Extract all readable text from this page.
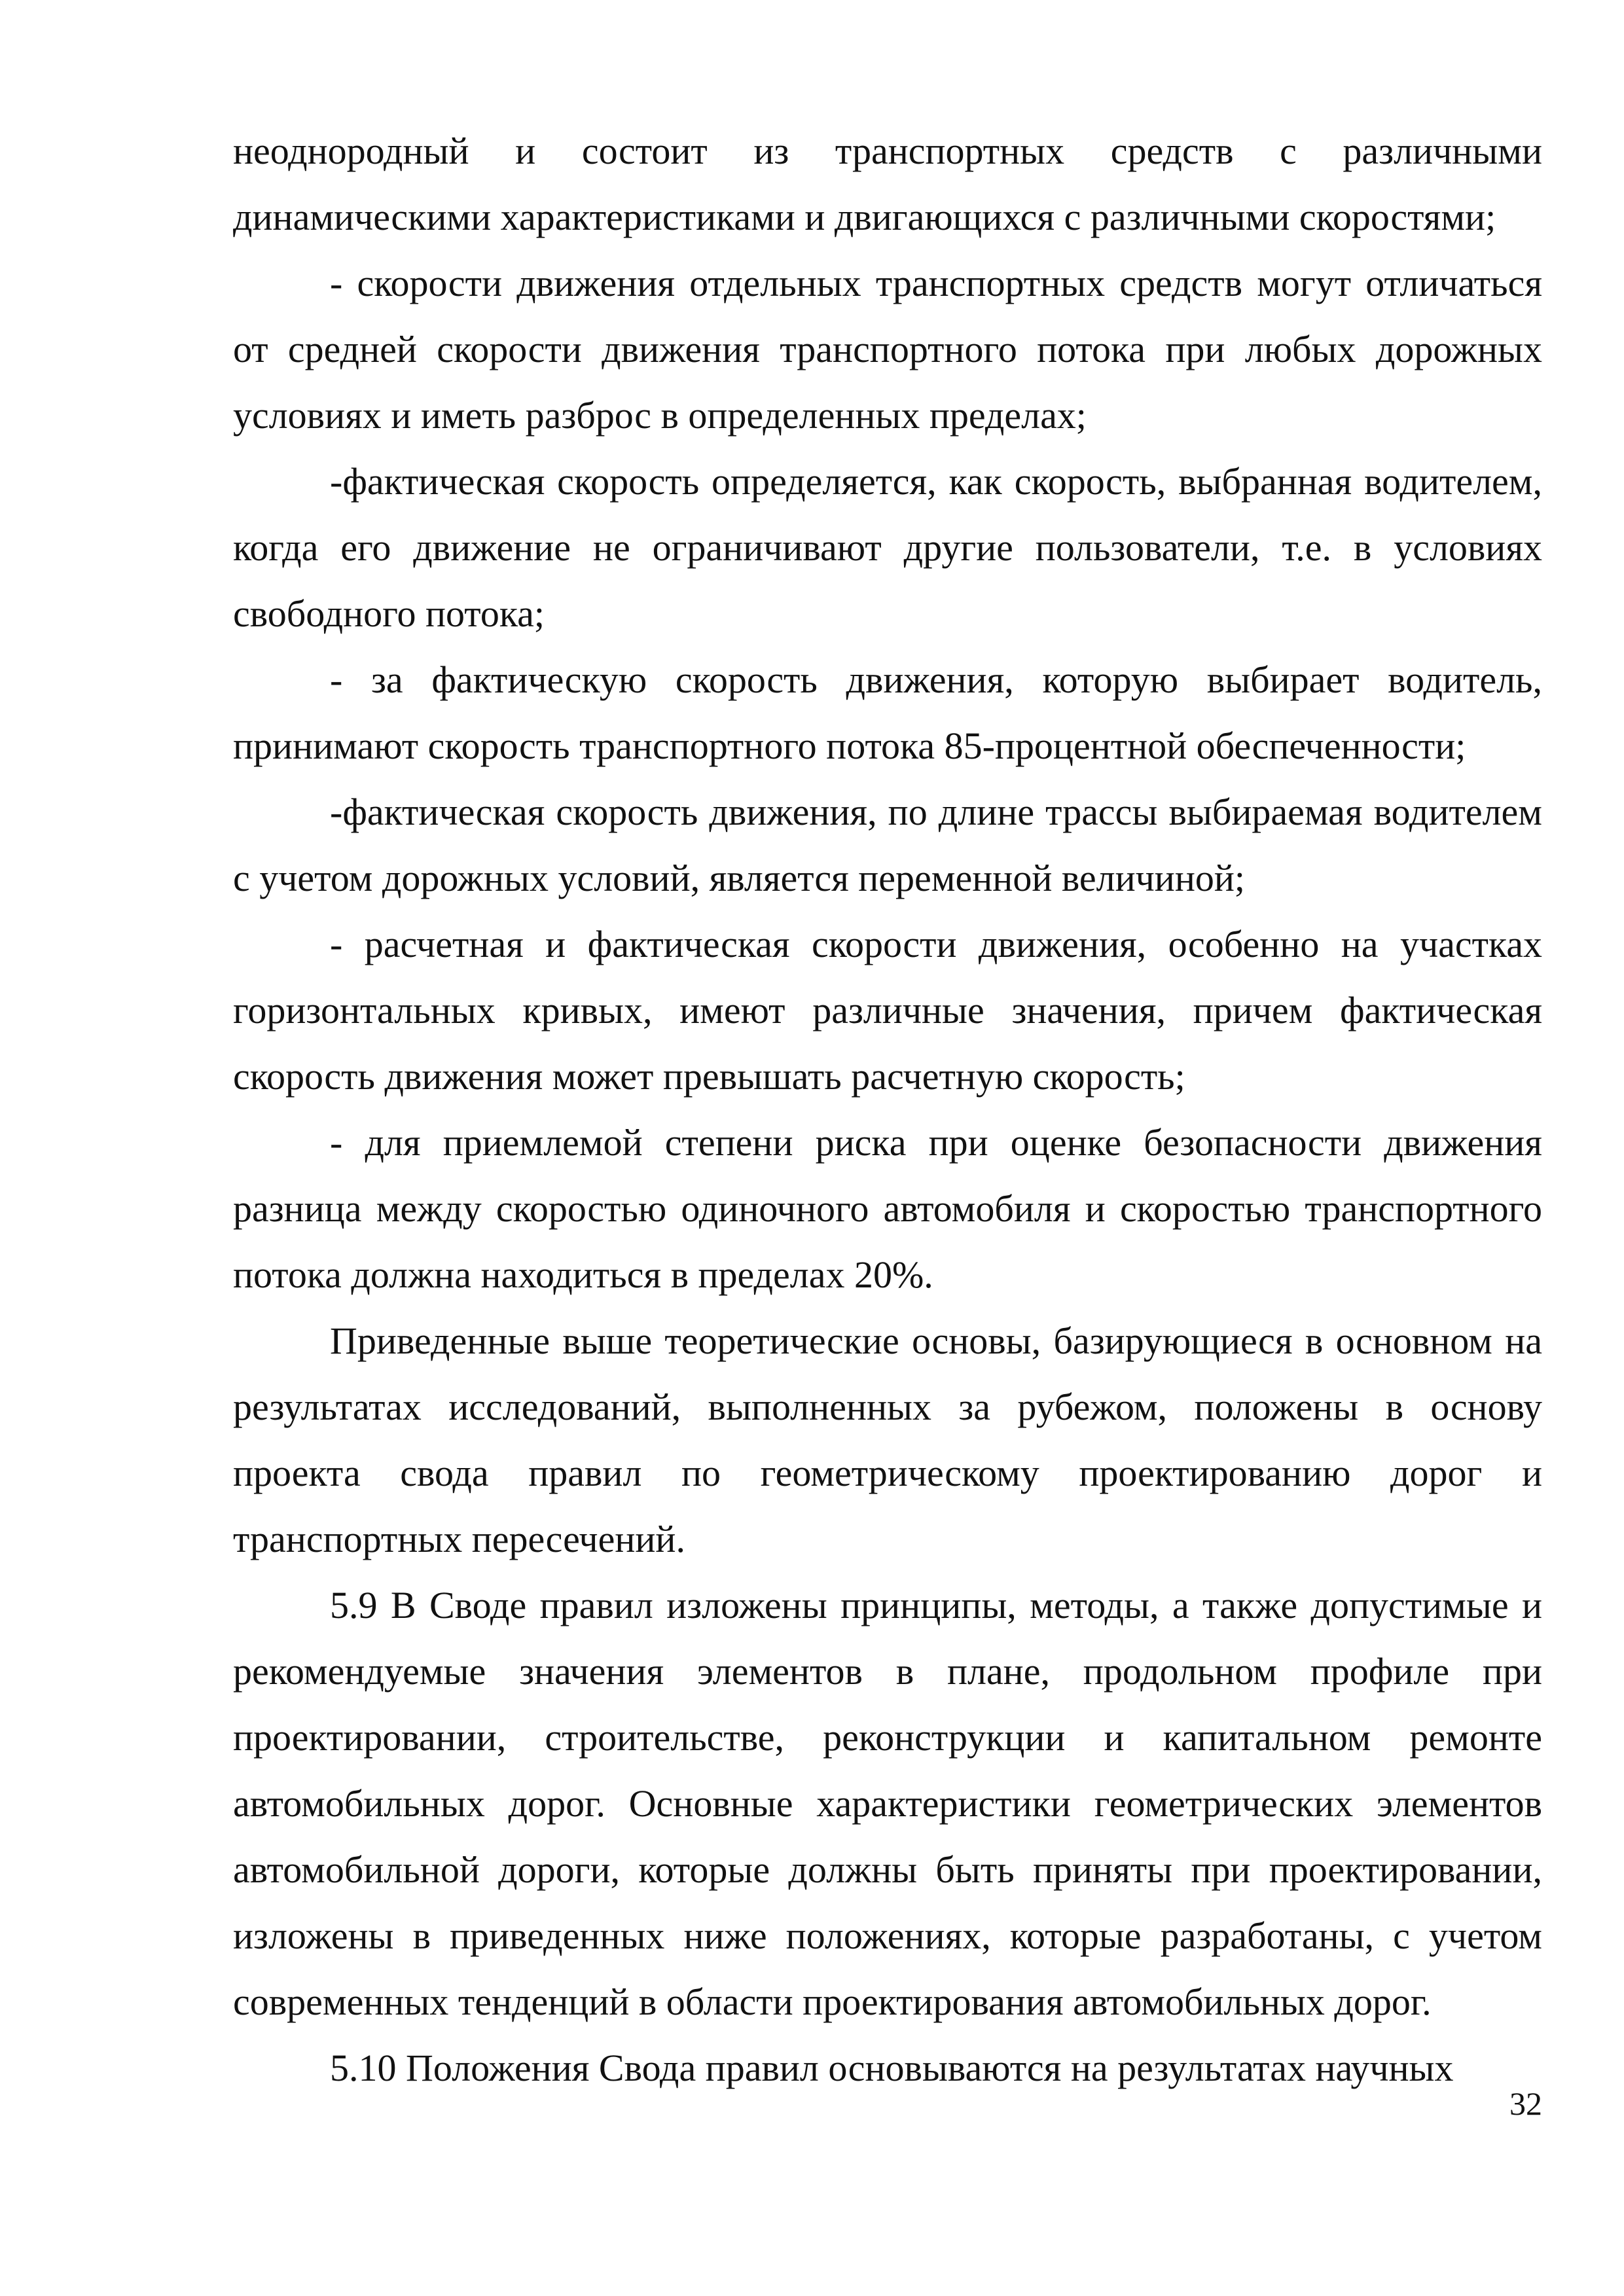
неоднородный и состоит из транспортных средств с различными динамическими характеристиками и двигающихся с различными скоростями;

- скорости движения отдельных транспортных средств могут отличаться от средней скорости движения транспортного потока при любых дорожных условиях и иметь разброс в определенных пределах;

-фактическая скорость определяется, как скорость, выбранная водителем, когда его движение не ограничивают другие пользователи, т.е. в условиях свободного потока;

- за фактическую скорость движения, которую выбирает водитель, принимают скорость транспортного потока 85-процентной обеспеченности;

-фактическая скорость движения, по длине трассы выбираемая водителем с учетом дорожных условий, является переменной величиной;

- расчетная и фактическая скорости движения, особенно на участках горизонтальных кривых, имеют различные значения, причем фактическая скорость движения может превышать расчетную скорость;

- для приемлемой степени риска при оценке безопасности движения разница между скоростью одиночного автомобиля и скоростью транспортного потока должна находиться в пределах 20%.

Приведенные выше теоретические основы, базирующиеся в основном на результатах исследований, выполненных за рубежом, положены в основу проекта свода правил по геометрическому проектированию дорог и транспортных пересечений.

5.9 В Своде правил изложены принципы, методы, а также допустимые и рекомендуемые значения элементов в плане, продольном профиле при проектировании, строительстве, реконструкции и капитальном ремонте автомобильных дорог. Основные характеристики геометрических элементов автомобильной дороги, которые должны быть приняты при проектировании, изложены в приведенных ниже положениях, которые разработаны, с учетом современных тенденций в области проектирования автомобильных дорог.

5.10 Положения Свода правил основываются на результатах научных

32
